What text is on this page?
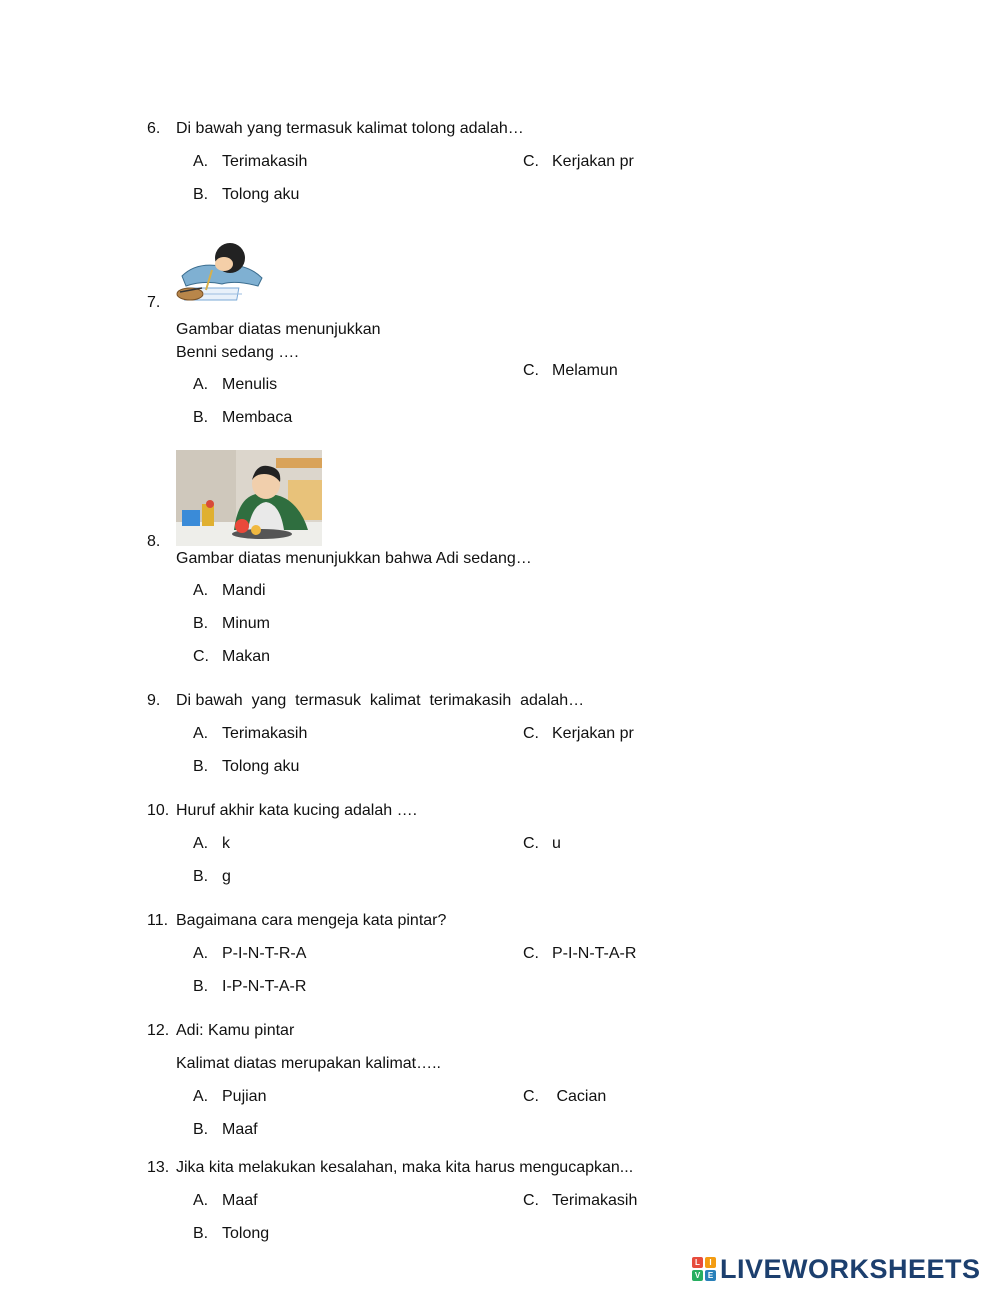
6. Di bawah yang termasuk kalimat tolong adalah…
A. Terimakasih
B. Tolong aku
C. Kerjakan pr
7.
Gambar diatas menunjukkan
Benni sedang ….
A. Menulis
B. Membaca
C. Melamun
8.
Gambar diatas menunjukkan bahwa Adi sedang…
A. Mandi
B. Minum
C. Makan
9. Di bawah  yang  termasuk  kalimat  terimakasih  adalah…
A. Terimakasih
B. Tolong aku
C. Kerjakan pr
10. Huruf akhir kata kucing adalah ….
A. k
B. g
C. u
11. Bagaimana cara mengeja kata pintar?
A. P-I-N-T-R-A
B. I-P-N-T-A-R
C. P-I-N-T-A-R
12. Adi: Kamu pintar
Kalimat diatas merupakan kalimat…..
A. Pujian
B. Maaf
C. Cacian
13. Jika kita melakukan kesalahan, maka kita harus mengucapkan...
A. Maaf
B. Tolong
C. Terimakasih
L	I
V E LIVEWORKSHEETS
